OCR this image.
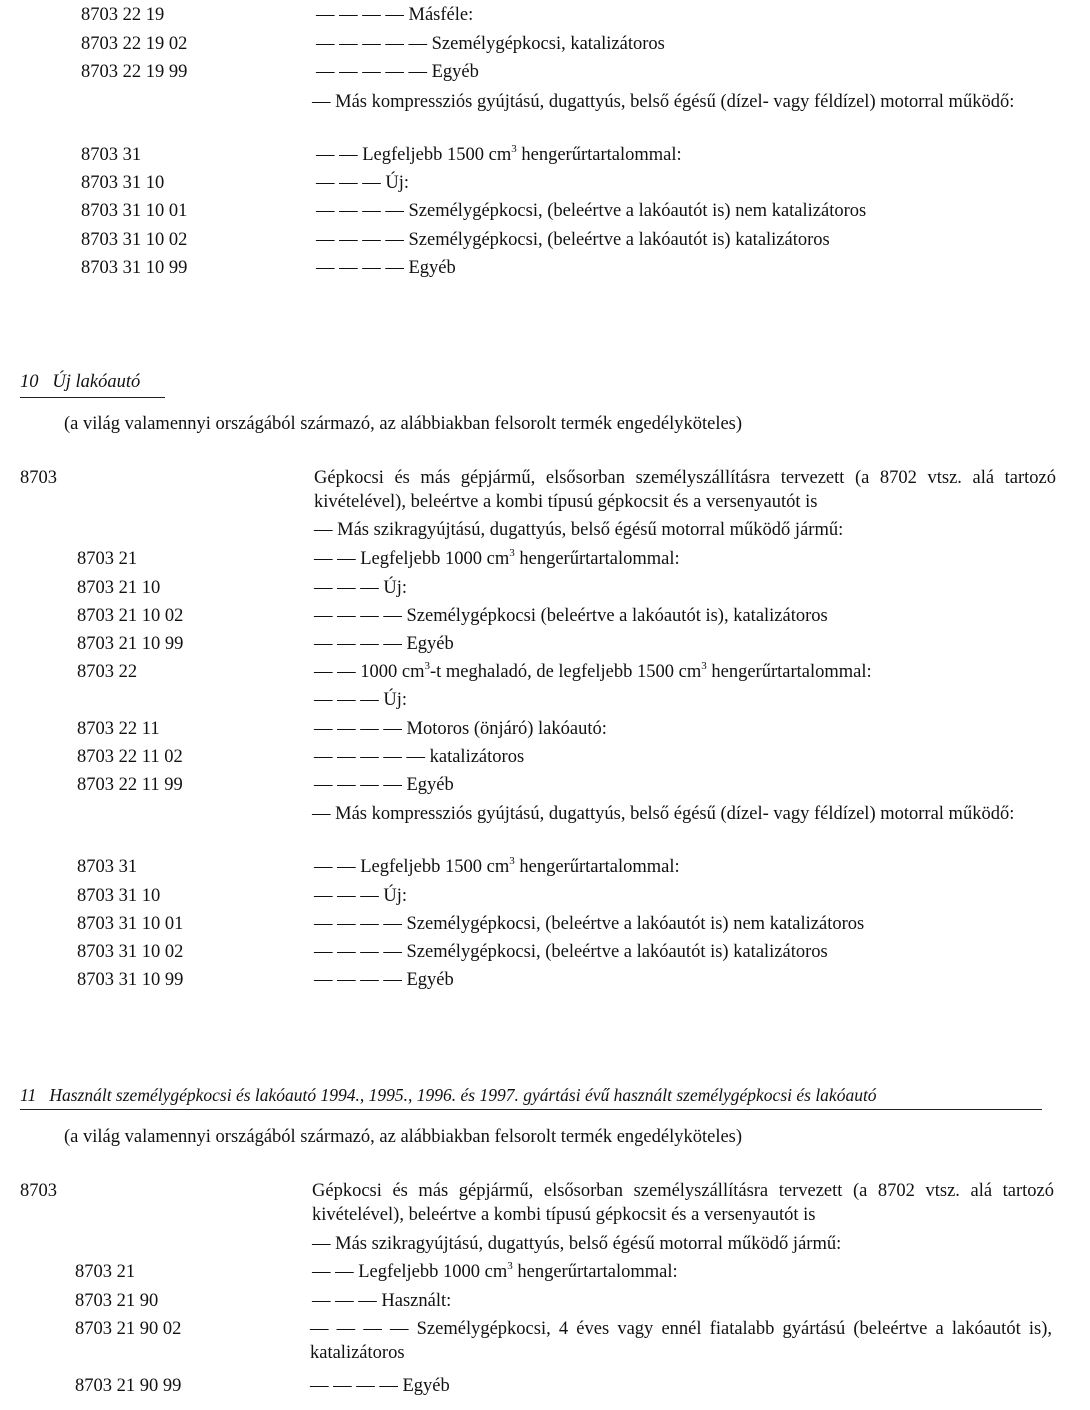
8703 22 19	— — — — Másféle:
8703 22 19 02	— — — — — Személygépkocsi, katalizátoros
8703 22 19 99	— — — — — Egyéb
— Más kompressziós gyújtású, dugattyús, belső égésű (dízel- vagy féldízel) motorral működő:
8703 31	— — Legfeljebb 1500 $cm^3$ hengerűrtartalommal:
8703 31 10	— — — Új:
8703 31 10 01	— — — — Személygépkocsi, (beleértve a lakóautót is) nem katalizátoros
8703 31 10 02	— — — — Személygépkocsi, (beleértve a lakóautót is) katalizátoros
8703 31 10 99	— — — — Egyéb
10 Új lakóautó
(a világ valamennyi országából származó, az alábbiakban felsorolt termék engedélyköteles)
8703	Gépkocsi és más gépjármű, elsősorban személyszállításra tervezett (a 8702 vtsz. alá tartozó kivételével), beleértve a kombi típusú gépkocsit és a versenyautót is
— Más szikragyújtású, dugattyús, belső égésű motorral működő jármű:
8703 21	— — Legfeljebb 1000 $cm^3$ hengerűrtartalommal:
8703 21 10	— — — Új:
8703 21 10 02	— — — — Személygépkocsi (beleértve a lakóautót is), katalizátoros
8703 21 10 99	— — — — Egyéb
8703 22	— — 1000 $cm^3-t$ meghaladó, de legfeljebb 1500 $cm^3$ hengerűrtartalommal:
— — — Új:
8703 22 11	— — — — Motoros (önjáró) lakóautó:
8703 22 11 02	— — — — — katalizátoros
8703 22 11 99	— — — — Egyéb
— Más kompressziós gyújtású, dugattyús, belső égésű (dízel- vagy féldízel) motorral működő:
8703 31	— — Legfeljebb 1500 $cm^3$ hengerűrtartalommal:
8703 31 10	— — — Új:
8703 31 10 01	— — — — Személygépkocsi, (beleértve a lakóautót is) nem katalizátoros
8703 31 10 02	— — — — Személygépkocsi, (beleértve a lakóautót is) katalizátoros
8703 31 10 99	— — — — Egyéb
11 Használt személygépkocsi és lakóautó 1994., 1995., 1996. és 1997. gyártási évű használt személygépkocsi és lakóautó
(a világ valamennyi országából származó, az alábbiakban felsorolt termék engedélyköteles)
8703	Gépkocsi és más gépjármű, elsősorban személyszállításra tervezett (a 8702 vtsz. alá tartozó kivételével), beleértve a kombi típusú gépkocsit és a versenyautót is
— Más szikragyújtású, dugattyús, belső égésű motorral működő jármű:
8703 21	— — Legfeljebb 1000 $cm^3$ hengerűrtartalommal:
8703 21 90	— — — Használt:
8703 21 90 02	— — — — Személygépkocsi, 4 éves vagy ennél fiatalabb gyártású (beleértve a lakóautót is), katalizátoros
8703 21 90 99	— — — — Egyéb
